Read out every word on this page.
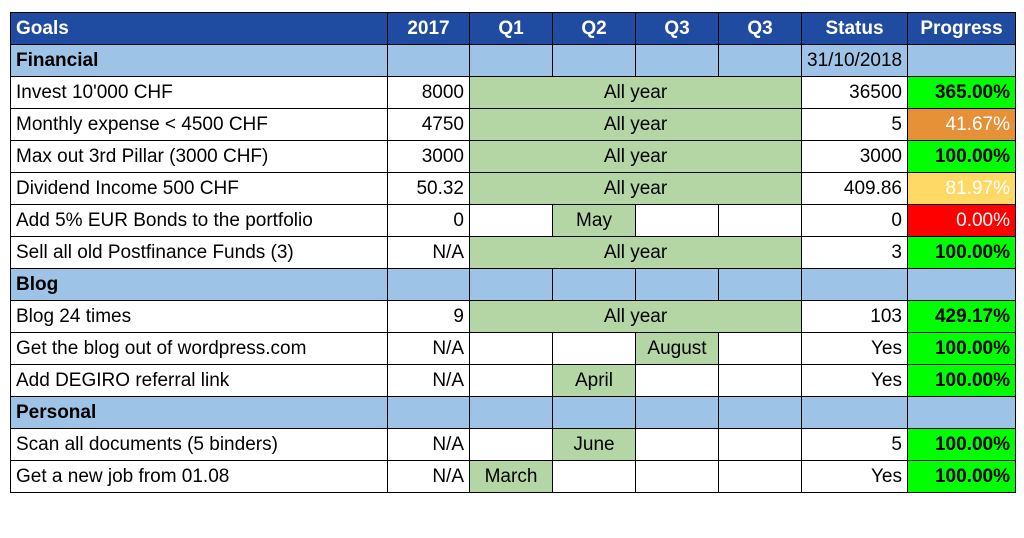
Goals	2017	Q1	Q2	Q3	Q3	Status	Progress
Financial						31/10/2018	
Invest 10'000 CHF	8000	All year				36500	365.00%
Monthly expense < 4500 CHF	4750	All year				5	41.67%
Max out 3rd Pillar (3000 CHF)	3000	All year				3000	100.00%
Dividend Income 500 CHF	50.32	All year				409.86	81.97%
Add 5% EUR Bonds to the portfolio	0		May			0	0.00%
Sell all old Postfinance Funds (3)	N/A	All year				3	100.00%
Blog							
Blog 24 times	9	All year				103	429.17%
Get the blog out of wordpress.com	N/A			August		Yes	100.00%
Add DEGIRO referral link	N/A		April			Yes	100.00%
Personal							
Scan all documents (5 binders)	N/A		June			5	100.00%
Get a new job from 01.08	N/A	March				Yes	100.00%
